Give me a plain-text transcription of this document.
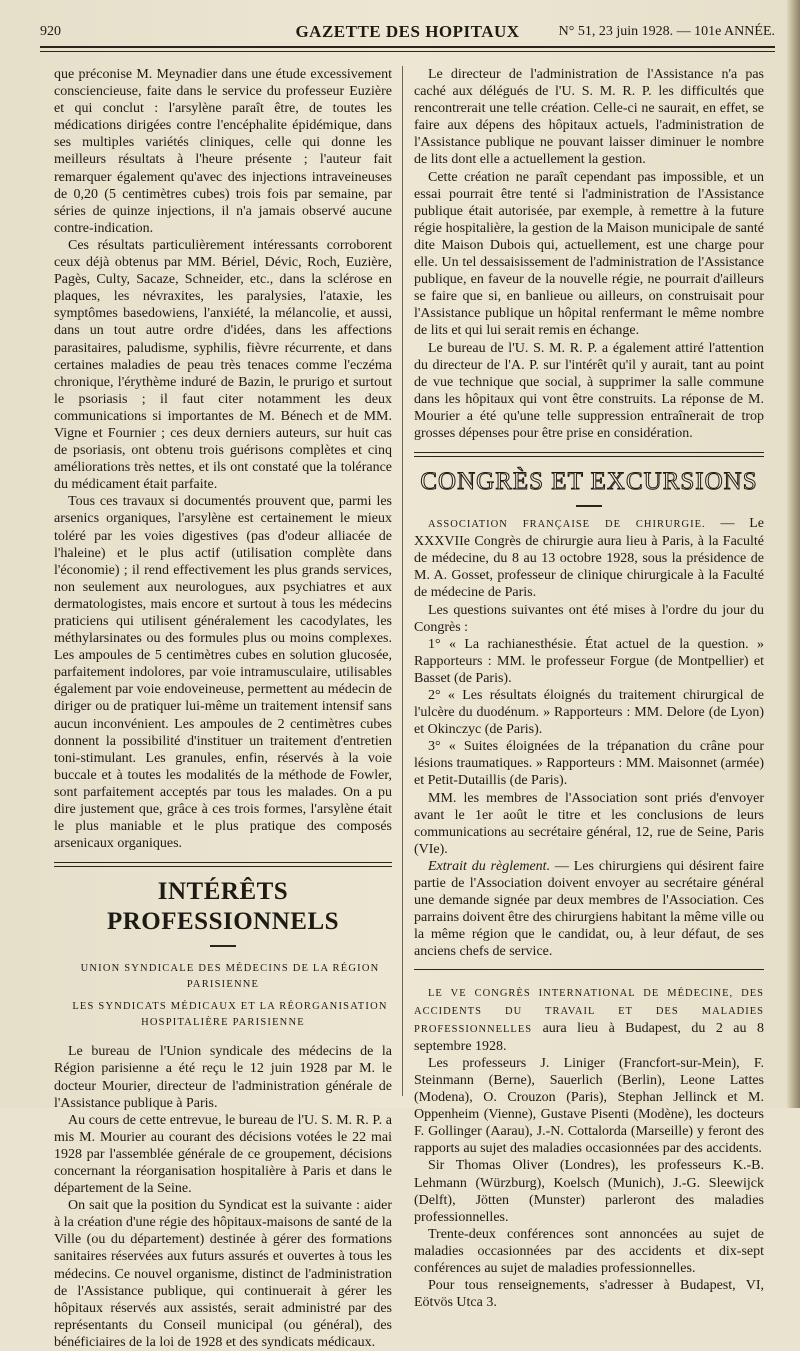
920	GAZETTE DES HOPITAUX	N° 51, 23 juin 1928. — 101e ANNÉE.

que préconise M. Meynadier dans une étude excessivement consciencieuse, faite dans le service du professeur Euzière et qui conclut : l'arsylène paraît être, de toutes les médications dirigées contre l'encéphalite épidémique, dans ses multiples variétés cliniques, celle qui donne les meilleurs résultats à l'heure présente ; l'auteur fait remarquer également qu'avec des injections intraveineuses de 0,20 (5 centimètres cubes) trois fois par semaine, par séries de quinze injections, il n'a jamais observé aucune contre-indication.

Ces résultats particulièrement intéressants corroborent ceux déjà obtenus par MM. Bériel, Dévic, Roch, Euzière, Pagès, Culty, Sacaze, Schneider, etc., dans la sclérose en plaques, les névraxites, les paralysies, l'ataxie, les symptômes basedowiens, l'anxiété, la mélancolie, et aussi, dans un tout autre ordre d'idées, dans les affections parasitaires, paludisme, syphilis, fièvre récurrente, et dans certaines maladies de peau très tenaces comme l'eczéma chronique, l'érythème induré de Bazin, le prurigo et surtout le psoriasis ; il faut citer notamment les deux communications si importantes de M. Bénech et de MM. Vigne et Fournier ; ces deux derniers auteurs, sur huit cas de psoriasis, ont obtenu trois guérisons complètes et cinq améliorations très nettes, et ils ont constaté que la tolérance du médicament était parfaite.

Tous ces travaux si documentés prouvent que, parmi les arsenics organiques, l'arsylène est certainement le mieux toléré par les voies digestives (pas d'odeur alliacée de l'haleine) et le plus actif (utilisation complète dans l'économie) ; il rend effectivement les plus grands services, non seulement aux neurologues, aux psychiatres et aux dermatologistes, mais encore et surtout à tous les médecins praticiens qui utilisent généralement les cacodylates, les méthylarsinates ou des formules plus ou moins complexes. Les ampoules de 5 centimètres cubes en solution glucosée, parfaitement indolores, par voie intramusculaire, utilisables également par voie endoveineuse, permettent au médecin de diriger ou de pratiquer lui-même un traitement intensif sans aucun inconvénient. Les ampoules de 2 centimètres cubes donnent la possibilité d'instituer un traitement d'entretien toni-stimulant. Les granules, enfin, réservés à la voie buccale et à toutes les modalités de la méthode de Fowler, sont parfaitement acceptés par tous les malades. On a pu dire justement que, grâce à ces trois formes, l'arsylène était le plus maniable et le plus pratique des composés arsenicaux organiques.

INTÉRÊTS PROFESSIONNELS

UNION SYNDICALE DES MÉDECINS DE LA RÉGION PARISIENNE

LES SYNDICATS MÉDICAUX ET LA RÉORGANISATION HOSPITALIÈRE PARISIENNE

Le bureau de l'Union syndicale des médecins de la Région parisienne a été reçu le 12 juin 1928 par M. le docteur Mourier, directeur de l'administration générale de l'Assistance publique à Paris.

Au cours de cette entrevue, le bureau de l'U. S. M. R. P. a mis M. Mourier au courant des décisions votées le 22 mai 1928 par l'assemblée générale de ce groupement, décisions concernant la réorganisation hospitalière à Paris et dans le département de la Seine.

On sait que la position du Syndicat est la suivante : aider à la création d'une régie des hôpitaux-maisons de santé de la Ville (ou du département) destinée à gérer des formations sanitaires réservées aux futurs assurés et ouvertes à tous les médecins. Ce nouvel organisme, distinct de l'administration de l'Assistance publique, qui continuerait à gérer les hôpitaux réservés aux assistés, serait administré par des représentants du Conseil municipal (ou général), des bénéficiaires de la loi de 1928 et des syndicats médicaux.

Le directeur de l'administration de l'Assistance n'a pas caché aux délégués de l'U. S. M. R. P. les difficultés que rencontrerait une telle création. Celle-ci ne saurait, en effet, se faire aux dépens des hôpitaux actuels, l'administration de l'Assistance publique ne pouvant laisser diminuer le nombre de lits dont elle a actuellement la gestion.

Cette création ne paraît cependant pas impossible, et un essai pourrait être tenté si l'administration de l'Assistance publique était autorisée, par exemple, à remettre à la future régie hospitalière, la gestion de la Maison municipale de santé dite Maison Dubois qui, actuellement, est une charge pour elle. Un tel dessaisissement de l'administration de l'Assistance publique, en faveur de la nouvelle régie, ne pourrait d'ailleurs se faire que si, en banlieue ou ailleurs, on construisait pour l'Assistance publique un hôpital renfermant le même nombre de lits et qui lui serait remis en échange.

Le bureau de l'U. S. M. R. P. a également attiré l'attention du directeur de l'A. P. sur l'intérêt qu'il y aurait, tant au point de vue technique que social, à supprimer la salle commune dans les hôpitaux qui vont être construits. La réponse de M. Mourier a été qu'une telle suppression entraînerait de trop grosses dépenses pour être prise en considération.

CONGRÈS ET EXCURSIONS

ASSOCIATION FRANÇAISE DE CHIRURGIE. — Le XXXVIIe Congrès de chirurgie aura lieu à Paris, à la Faculté de médecine, du 8 au 13 octobre 1928, sous la présidence de M. A. Gosset, professeur de clinique chirurgicale à la Faculté de médecine de Paris.

Les questions suivantes ont été mises à l'ordre du jour du Congrès :

1° « La rachianesthésie. État actuel de la question. » Rapporteurs : MM. le professeur Forgue (de Montpellier) et Basset (de Paris).

2° « Les résultats éloignés du traitement chirurgical de l'ulcère du duodénum. » Rapporteurs : MM. Delore (de Lyon) et Okinczyc (de Paris).

3° « Suites éloignées de la trépanation du crâne pour lésions traumatiques. » Rapporteurs : MM. Maisonnet (armée) et Petit-Dutaillis (de Paris).

MM. les membres de l'Association sont priés d'envoyer avant le 1er août le titre et les conclusions de leurs communications au secrétaire général, 12, rue de Seine, Paris (VIe).

Extrait du règlement. — Les chirurgiens qui désirent faire partie de l'Association doivent envoyer au secrétaire général une demande signée par deux membres de l'Association. Ces parrains doivent être des chirurgiens habitant la même ville ou la même région que le candidat, ou, à leur défaut, de ses anciens chefs de service.

LE VE CONGRÈS INTERNATIONAL DE MÉDECINE, DES ACCIDENTS DU TRAVAIL ET DES MALADIES PROFESSIONNELLES aura lieu à Budapest, du 2 au 8 septembre 1928.

Les professeurs J. Liniger (Francfort-sur-Mein), F. Steinmann (Berne), Sauerlich (Berlin), Leone Lattes (Modena), O. Crouzon (Paris), Stephan Jellinck et M. Oppenheim (Vienne), Gustave Pisenti (Modène), les docteurs F. Gollinger (Aarau), J.-N. Cottalorda (Marseille) y feront des rapports au sujet des maladies occasionnées par des accidents.

Sir Thomas Oliver (Londres), les professeurs K.-B. Lehmann (Würzburg), Koelsch (Munich), J.-G. Sleewijck (Delft), Jötten (Munster) parleront des maladies professionnelles.

Trente-deux conférences sont annoncées au sujet de maladies occasionnées par des accidents et dix-sept conférences au sujet de maladies professionnelles.

Pour tous renseignements, s'adresser à Budapest, VI, Eötvös Utca 3.
